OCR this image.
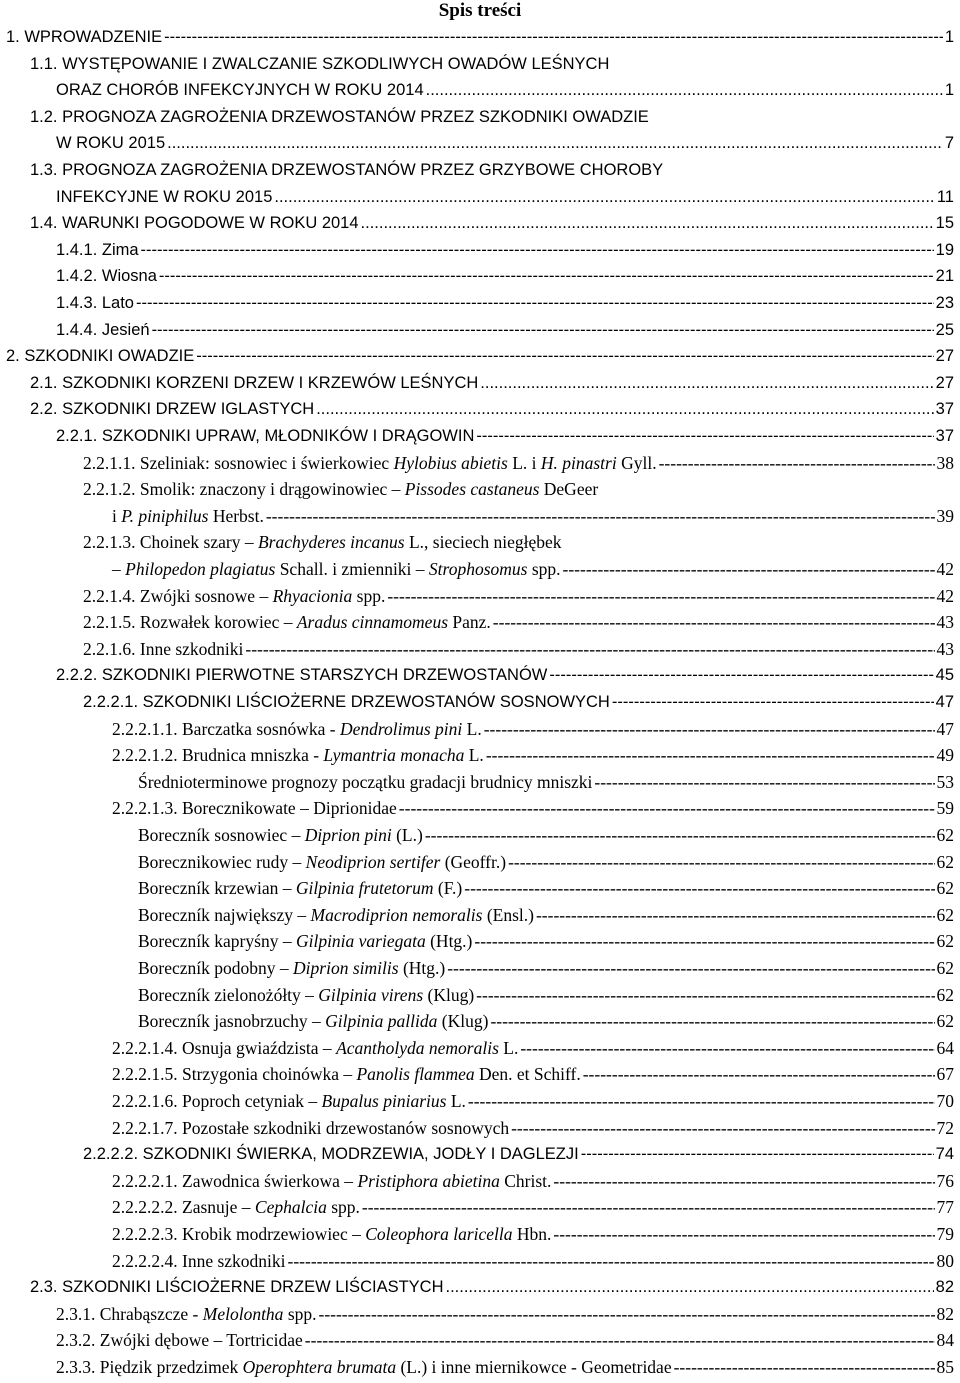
Spis treści
1. WPROWADZENIE -----	1
1.1. WYSTĘPOWANIE I ZWALCZANIE SZKODLIWYCH OWADÓW LEŚNYCH
ORAZ CHORÓB INFEKCYJNYCH W ROKU 2014 .....	1
1.2. PROGNOZA ZAGROŻENIA DRZEWOSTANÓW PRZEZ SZKODNIKI OWADZIE
W ROKU 2015 .....	7
1.3. PROGNOZA ZAGROŻENIA DRZEWOSTANÓW PRZEZ GRZYBOWE CHOROBY
INFEKCYJNE W ROKU 2015 .....	11
1.4. WARUNKI POGODOWE W ROKU 2014 .....	15
1.4.1. Zima -----	19
1.4.2. Wiosna -----	21
1.4.3. Lato -----	23
1.4.4. Jesień -----	25
2. SZKODNIKI OWADZIE -----	27
2.1. SZKODNIKI KORZENI DRZEW I KRZEWÓW LEŚNYCH .....	27
2.2. SZKODNIKI DRZEW IGLASTYCH .....	37
2.2.1. SZKODNIKI UPRAW, MŁODNIKÓW I DRĄGOWIN -----	37
2.2.1.1. Szeliniak: sosnowiec i świerkowiec Hylobius abietis L. i H. pinastri Gyll. -----	38
2.2.1.2. Smolik: znaczony i drągowinowiec – Pissodes castaneus DeGeer
i P. piniphilus Herbst. -----	39
2.2.1.3. Choinek szary – Brachyderes incanus L., sieciech niegłębek
– Philopedon plagiatus Schall. i zmienniki – Strophosomus spp. -----	42
2.2.1.4. Zwójki sosnowe – Rhyacionia spp. -----	42
2.2.1.5. Rozwałek korowiec – Aradus cinnamomeus Panz. -----	43
2.2.1.6. Inne szkodniki -----	43
2.2.2. SZKODNIKI PIERWOTNE STARSZYCH DRZEWOSTANÓW -----	45
2.2.2.1. SZKODNIKI LIŚCIOŻERNE DRZEWOSTANÓW SOSNOWYCH -----	47
2.2.2.1.1. Barczatka sosnówka - Dendrolimus pini L. -----	47
2.2.2.1.2. Brudnica mniszka - Lymantria monacha L. -----	49
Średnioterminowe prognozy początku gradacji brudnicy mniszki -----	53
2.2.2.1.3. Borecznikowate – Diprionidae -----	59
Boreczník sosnowiec – Diprion pini (L.) -----	62
Borecznikowiec rudy – Neodiprion sertifer (Geoffr.) -----	62
Boreczník krzewian – Gilpinia frutetorum (F.) -----	62
Boreczník największy – Macrodiprion nemoralis (Ensl.) -----	62
Boreczník kapryśny – Gilpinia variegata (Htg.) -----	62
Boreczník podobny – Diprion similis (Htg.) -----	62
Boreczník zielonożółty – Gilpinia virens (Klug) -----	62
Boreczník jasnobrzuchy – Gilpinia pallida (Klug) -----	62
2.2.2.1.4. Osnuja gwiaździsta – Acantholyda nemoralis L. -----	64
2.2.2.1.5. Strzygonia choinówka – Panolis flammea Den. et Schiff. -----	67
2.2.2.1.6. Poproch cetyniak – Bupalus piniarius L. -----	70
2.2.2.1.7. Pozostałe szkodniki drzewostanów sosnowych -----	72
2.2.2.2. SZKODNIKI ŚWIERKA, MODRZEWIA, JODŁY I DAGLEZJI -----	74
2.2.2.2.1. Zawodnica świerkowa – Pristiphora abietina Christ. -----	76
2.2.2.2.2. Zasnuje – Cephalcia spp. -----	77
2.2.2.2.3. Krobik modrzewiowiec – Coleophora laricella Hbn. -----	79
2.2.2.2.4. Inne szkodniki -----	80
2.3. SZKODNIKI LIŚCIOŻERNE DRZEW LIŚCIASTYCH .....	82
2.3.1. Chrabąszcze - Melolontha spp. -----	82
2.3.2. Zwójki dębowe – Tortricidae -----	84
2.3.3. Piędzik przedzimek Operophtera brumata (L.) i inne miernikowce - Geometridae -----	85
